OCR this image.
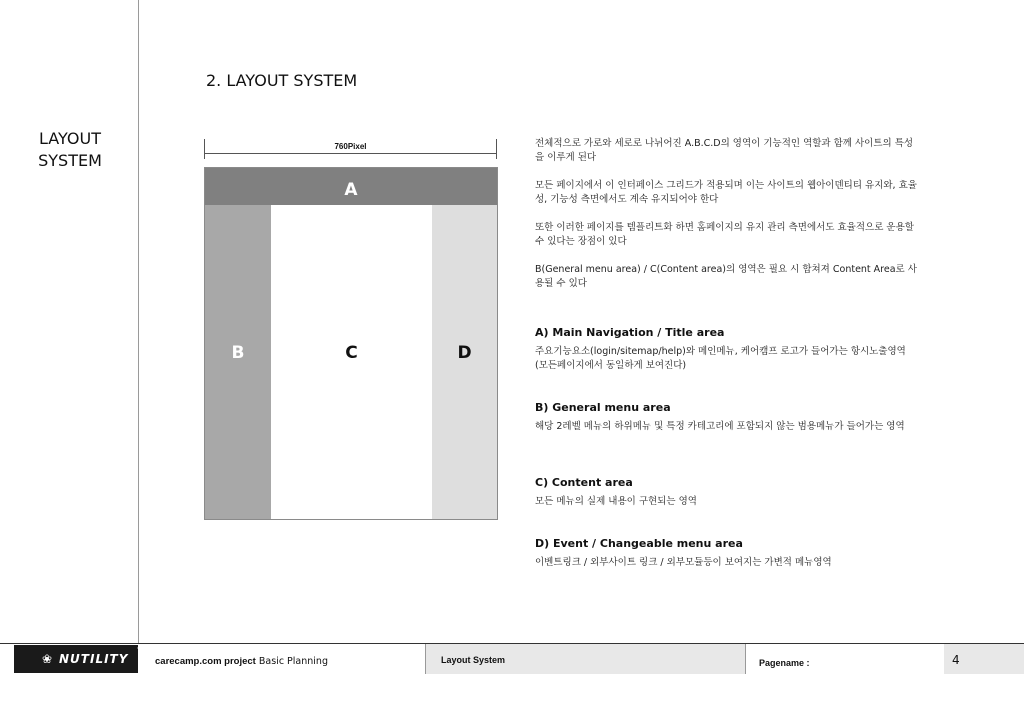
LAYOUT
SYSTEM
2. LAYOUT SYSTEM
760Pixel
A
B	C	D

전체적으로 가로와 세로로 나뉘어진 A.B.C.D의 영역이 기능적인 역할과 함께 사이트의 특성을 이루게 된다

모든 페이지에서 이 인터페이스 그리드가 적용되며 이는 사이트의 웹아이덴티티 유지와, 효율성, 기능성 측면에서도 계속 유지되어야 한다

또한 이러한 페이지를 템플리트화 하면 홈페이지의 유지 관리 측면에서도 효율적으로 운용할 수 있다는 장점이 있다

B(General menu area) / C(Content area)의 영역은 필요 시 합쳐져 Content Area로 사용될 수 있다

A) Main Navigation / Title area

주요기능요소(login/sitemap/help)와 메인메뉴, 케어캠프 로고가 들어가는 항시노출영역 (모든페이지에서 동일하게 보여진다)

B) General menu area

해당 2레벨 메뉴의 하위메뉴 및 특정 카테고리에 포함되지 않는 범용메뉴가 들어가는 영역

C) Content area

모든 메뉴의 실제 내용이 구현되는 영역

D) Event / Changeable menu area

이벤트링크 / 외부사이트 링크 / 외부모듈등이 보여지는 가변적 메뉴영역

❀ NUTILITY
TM
carecamp.com project Basic Planning	Layout System	Pagename :	4
